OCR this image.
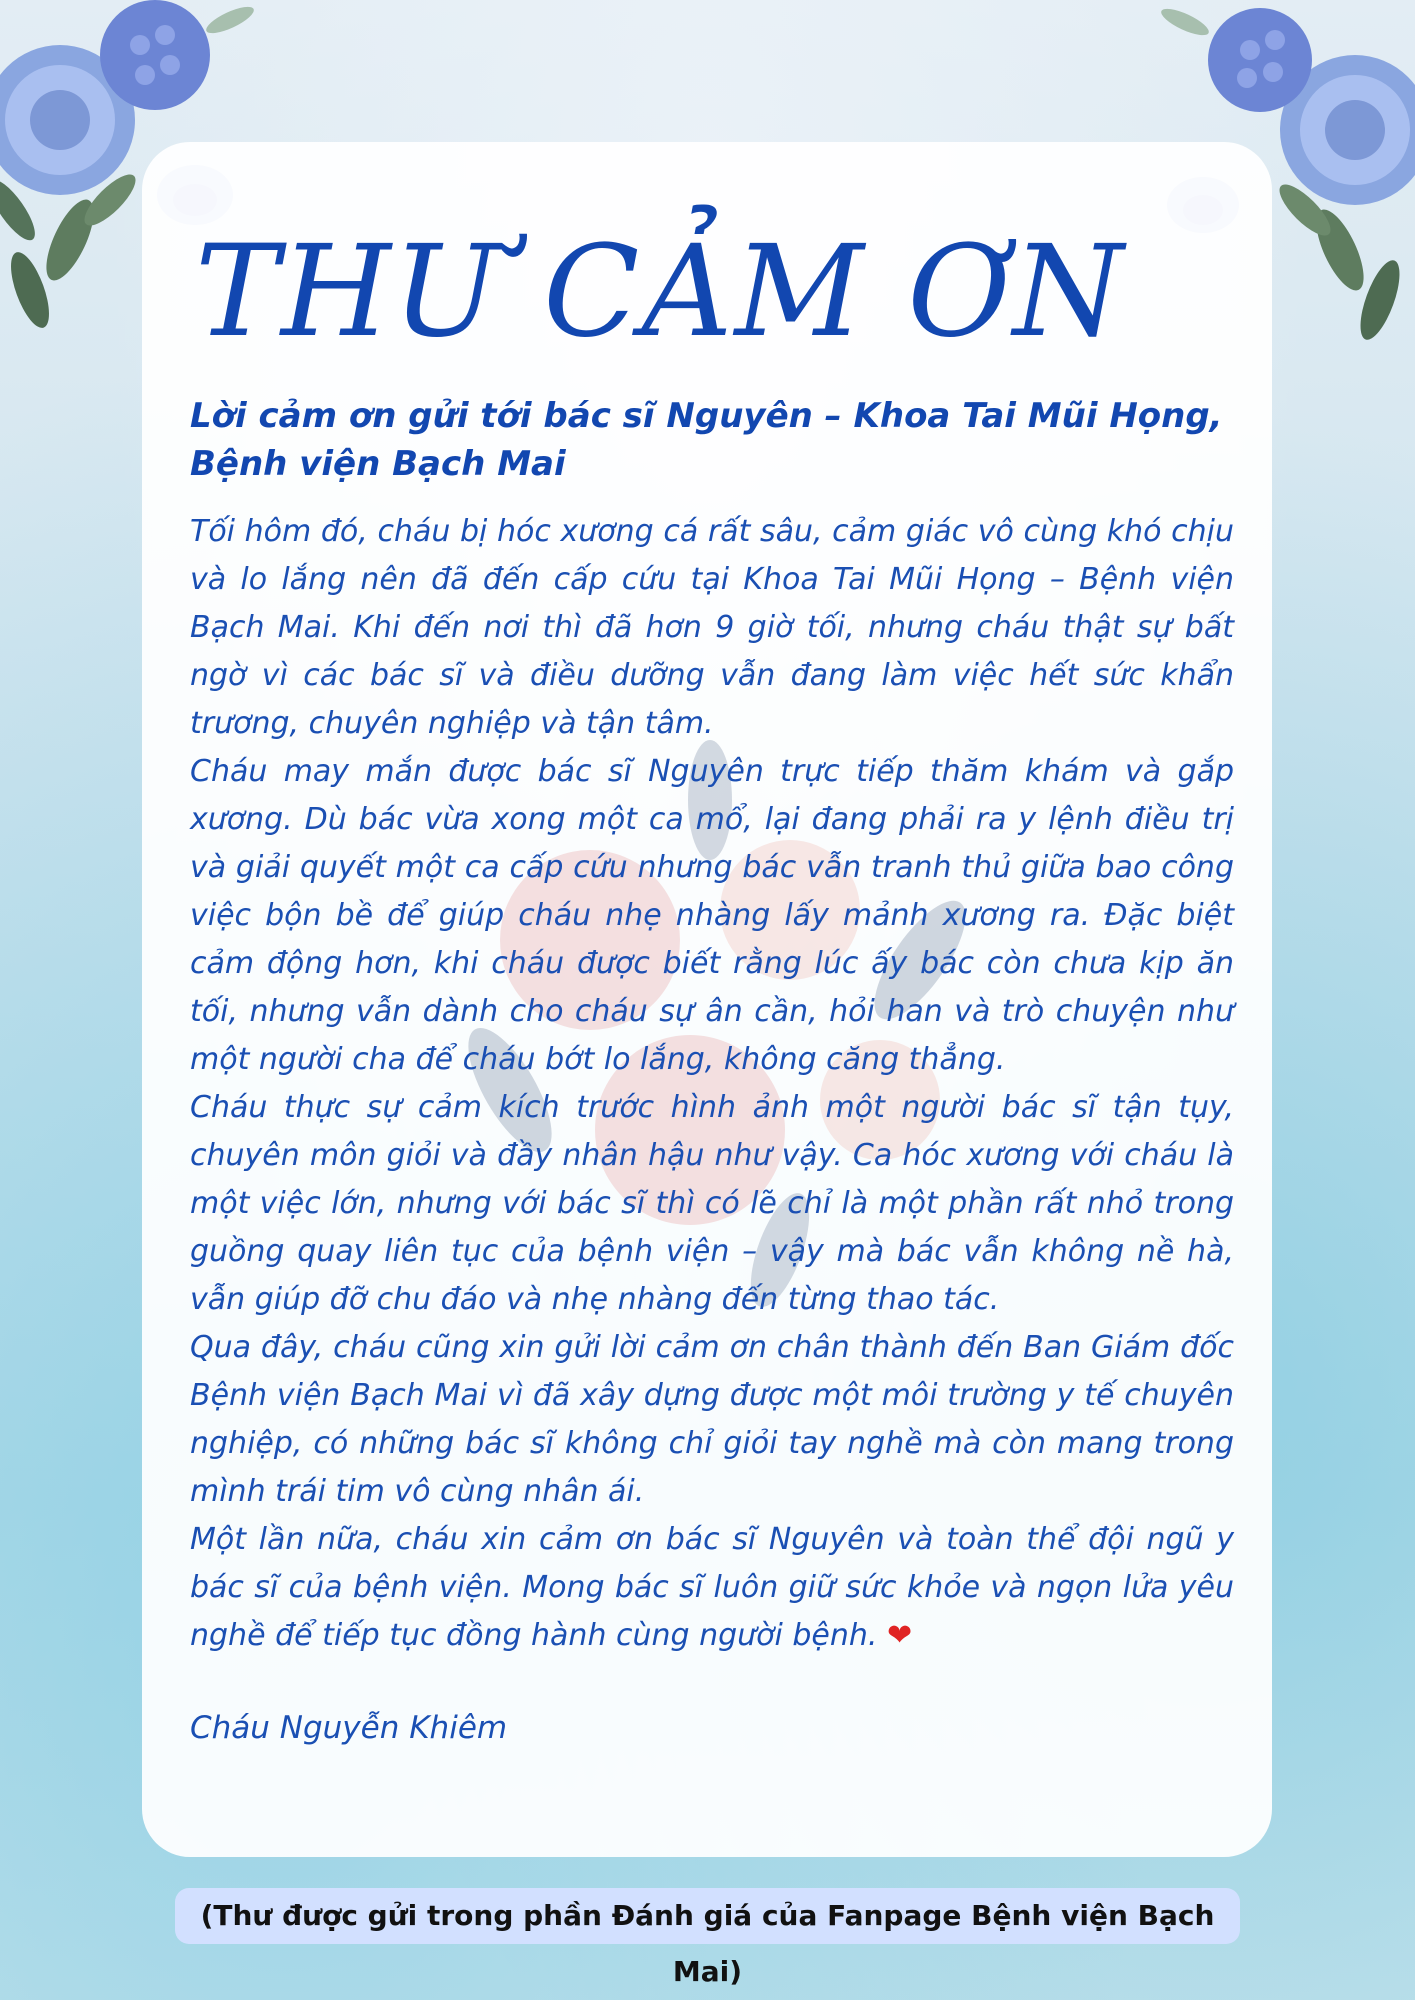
THƯ CẢM ƠN
Lời cảm ơn gửi tới bác sĩ Nguyên – Khoa Tai Mũi Họng, Bệnh viện Bạch Mai

Tối hôm đó, cháu bị hóc xương cá rất sâu, cảm giác vô cùng khó chịu và lo lắng nên đã đến cấp cứu tại Khoa Tai Mũi Họng – Bệnh viện Bạch Mai. Khi đến nơi thì đã hơn 9 giờ tối, nhưng cháu thật sự bất ngờ vì các bác sĩ và điều dưỡng vẫn đang làm việc hết sức khẩn trương, chuyên nghiệp và tận tâm.

Cháu may mắn được bác sĩ Nguyên trực tiếp thăm khám và gắp xương. Dù bác vừa xong một ca mổ, lại đang phải ra y lệnh điều trị và giải quyết một ca cấp cứu nhưng bác vẫn tranh thủ giữa bao công việc bộn bề để giúp cháu nhẹ nhàng lấy mảnh xương ra. Đặc biệt cảm động hơn, khi cháu được biết rằng lúc ấy bác còn chưa kịp ăn tối, nhưng vẫn dành cho cháu sự ân cần, hỏi han và trò chuyện như một người cha để cháu bớt lo lắng, không căng thẳng.

Cháu thực sự cảm kích trước hình ảnh một người bác sĩ tận tụy, chuyên môn giỏi và đầy nhân hậu như vậy. Ca hóc xương với cháu là một việc lớn, nhưng với bác sĩ thì có lẽ chỉ là một phần rất nhỏ trong guồng quay liên tục của bệnh viện – vậy mà bác vẫn không nề hà, vẫn giúp đỡ chu đáo và nhẹ nhàng đến từng thao tác.

Qua đây, cháu cũng xin gửi lời cảm ơn chân thành đến Ban Giám đốc Bệnh viện Bạch Mai vì đã xây dựng được một môi trường y tế chuyên nghiệp, có những bác sĩ không chỉ giỏi tay nghề mà còn mang trong mình trái tim vô cùng nhân ái.

Một lần nữa, cháu xin cảm ơn bác sĩ Nguyên và toàn thể đội ngũ y bác sĩ của bệnh viện. Mong bác sĩ luôn giữ sức khỏe và ngọn lửa yêu nghề để tiếp tục đồng hành cùng người bệnh. ❤

Cháu Nguyễn Khiêm

(Thư được gửi trong phần Đánh giá của Fanpage Bệnh viện Bạch Mai)
